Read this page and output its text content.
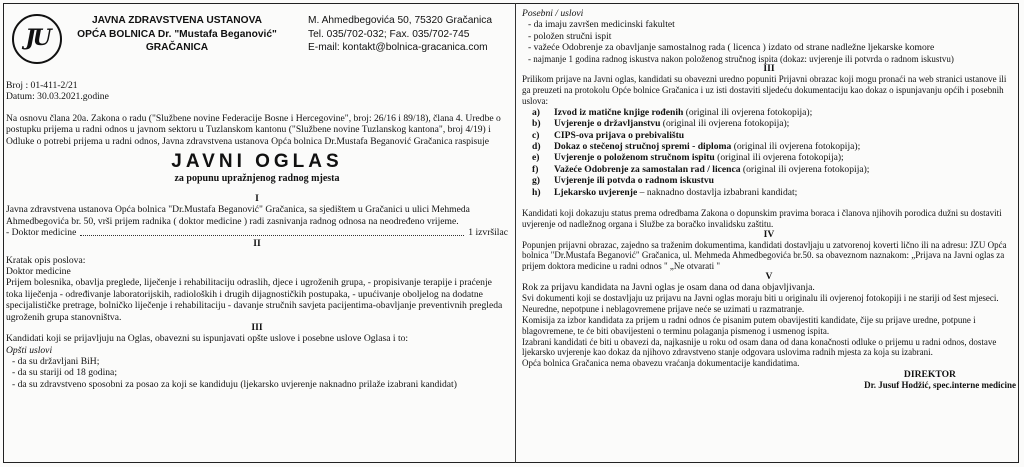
JU
JAVNA ZDRAVSTVENA USTANOVA
OPĆA BOLNICA Dr. "Mustafa Beganović"
GRAČANICA
M. Ahmedbegovića 50, 75320 Gračanica
Tel. 035/702-032; Fax. 035/702-745
E-mail: kontakt@bolnica-gracanica.com

Broj : 01-411-2/21

Datum: 30.03.2021.godine

Na osnovu člana 20a. Zakona o radu ("Službene novine Federacije Bosne i Hercegovine", broj: 26/16 i 89/18), člana 4. Uredbe o postupku prijema u radni odnos u javnom sektoru u Tuzlanskom kantonu ("Službene novine Tuzlanskog kantona", broj 4/19) i Odluke o potrebi prijema u radni odnos, Javna zdravstvena ustanova Opća bolnica Dr.Mustafa Beganović Gračanica raspisuje

JAVNI OGLAS
za popunu upražnjenog radnog mjesta
I

Javna zdravstvena ustanova Opća bolnica "Dr.Mustafa Beganović" Gračanica, sa sjedištem u Gračanici u ulici Mehmeda Ahmedbegovića br. 50, vrši prijem radnika ( doktor medicine ) radi zasnivanja radnog odnosa na neodređeno vrijeme.

- Doktor medicine	1 izvršilac
II

Kratak opis poslova:

Doktor medicine

Prijem bolesnika, obavlja preglede, liječenje i rehabilitaciju odraslih, djece i ugroženih grupa, - propisivanje terapije i praćenje toka liječenja - određivanje laboratorijskih, radioloških i drugih dijagnostičkih postupaka, - upućivanje oboljelog na dodatne specijalističke pretrage, bolničko liječenje i rehabilitaciju - davanje stručnih savjeta pacijentima-obavljanje preventivnih pregleda ugroženih grupa stanovništva.

III

Kandidati koji se prijavljuju na Oglas, obavezni su ispunjavati opšte uslove i posebne uslove Oglasa i to:

Opšti uslovi

- da su državljani BiH;
- da su stariji od 18 godina;
- da su zdravstveno sposobni za posao za koji se kandiduju (ljekarsko uvjerenje naknadno prilaže izabrani kandidat)

Posebni / uslovi

- da imaju završen medicinski fakultet
- položen stručni ispit
- važeće Odobrenje za obavljanje samostalnog rada ( licenca ) izdato od strane nadležne ljekarske komore
- najmanje 1 godina radnog iskustva nakon položenog stručnog ispita (dokaz: uvjerenje ili potvrda o radnom iskustvu)
III

Prilikom prijave na Javni oglas, kandidati su obavezni uredno popuniti Prijavni obrazac koji mogu pronaći na web stranici ustanove ili ga preuzeti na protokolu Opće bolnice Gračanica i uz isti dostaviti sljedeću dokumentaciju kao dokaz o ispunjavanju općih i posebnih uslova:

a)	Izvod iz matične knjige rođenih (original ili ovjerena fotokopija);
b)	Uvjerenje o državljanstvu (original ili ovjerena fotokopija);
c)	CIPS-ova prijava o prebivalištu
d)	Dokaz o stečenoj stručnoj spremi - diploma (original ili ovjerena fotokopija);
e)	Uvjerenje o položenom stručnom ispitu (original ili ovjerena fotokopija);
f)	Važeće Odobrenje za samostalan rad / licenca (original ili ovjerena fotokopija);
g)	Uvjerenje ili potvda o radnom iskustvu
h)	Ljekarsko uvjerenje – naknadno dostavlja izbabrani kandidat;

Kandidati koji dokazuju status prema odredbama Zakona o dopunskim pravima boraca i članova njihovih porodica dužni su dostaviti uvjerenje od nadležnog organa i Službe za boračko invalidsku zaštitu.

IV

Popunjen prijavni obrazac, zajedno sa traženim dokumentima, kandidati dostavljaju u zatvorenoj koverti lično ili na adresu: JZU Opća bolnica "Dr.Mustafa Beganović" Gračanica, ul. Mehmeda Ahmedbegovića br.50. sa obaveznom naznakom: „Prijava na Javni oglas za prijem doktora medicine u radni odnos " „Ne otvarati "

V

Rok za prijavu kandidata na Javni oglas je osam dana od dana objavljivanja.

Svi dokumenti koji se dostavljaju uz prijavu na Javni oglas moraju biti u originalu ili ovjerenoj fotokopiji i ne stariji od šest mjeseci.

Neuredne, nepotpune i neblagovremene prijave neće se uzimati u razmatranje.

Komisija za izbor kandidata za prijem u radni odnos će pisanim putem obavijestiti kandidate, čije su prijave uredne, potpune i blagovremene, te će biti obavijesteni o terminu polaganja pismenog i usmenog ispita.

Izabrani kandidati će biti u obavezi da, najkasnije u roku od osam dana od dana konačnosti odluke o prijemu u radni odnos, dostave ljekarsko uvjerenje kao dokaz da njihovo zdravstveno stanje odgovara uslovima radnih mjesta za koja su izabrani.

Opća bolnica Gračanica nema obavezu vraćanja dokumentacije kandidatima.

DIREKTOR

Dr. Jusuf Hodžić, spec.interne medicine
